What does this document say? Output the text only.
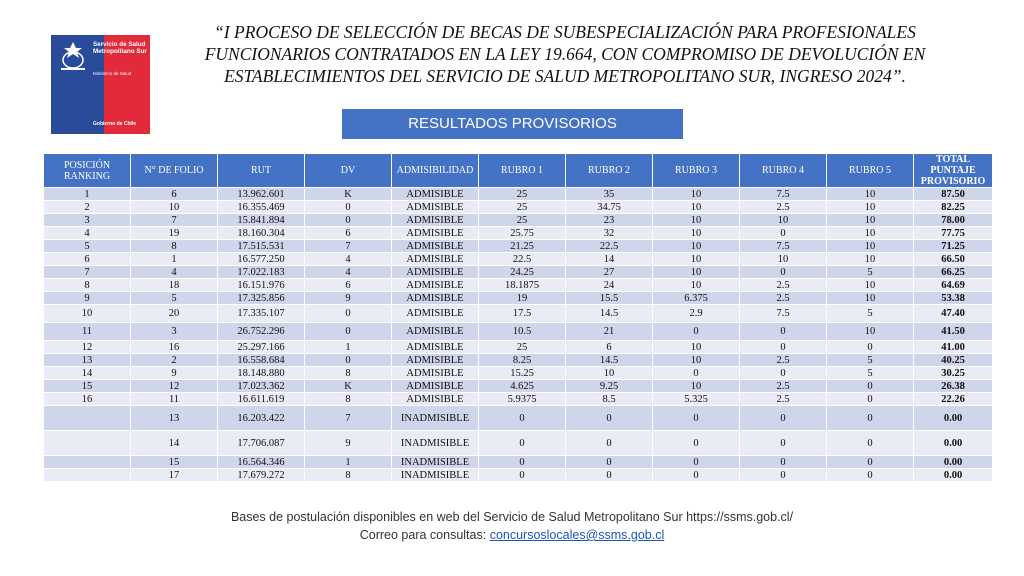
Servicio de Salud Metropolitano Sur
Ministerio de Salud
Gobierno de Chile
“I PROCESO DE SELECCIÓN DE BECAS DE SUBESPECIALIZACIÓN PARA PROFESIONALES FUNCIONARIOS CONTRATADOS EN LA LEY 19.664, CON COMPROMISO DE DEVOLUCIÓN EN ESTABLECIMIENTOS DEL SERVICIO DE SALUD METROPOLITANO SUR, INGRESO 2024”.
RESULTADOS PROVISORIOS
POSICIÓN RANKING	N° DE FOLIO	RUT	DV	ADMISIBILIDAD	RUBRO 1	RUBRO 2	RUBRO 3	RUBRO 4	RUBRO 5	TOTAL PUNTAJE PROVISORIO
1	6	13.962.601	K	ADMISIBLE	25	35	10	7.5	10	87.50
2	10	16.355.469	0	ADMISIBLE	25	34.75	10	2.5	10	82.25
3	7	15.841.894	0	ADMISIBLE	25	23	10	10	10	78.00
4	19	18.160.304	6	ADMISIBLE	25.75	32	10	0	10	77.75
5	8	17.515.531	7	ADMISIBLE	21.25	22.5	10	7.5	10	71.25
6	1	16.577.250	4	ADMISIBLE	22.5	14	10	10	10	66.50
7	4	17.022.183	4	ADMISIBLE	24.25	27	10	0	5	66.25
8	18	16.151.976	6	ADMISIBLE	18.1875	24	10	2.5	10	64.69
9	5	17.325.856	9	ADMISIBLE	19	15.5	6.375	2.5	10	53.38
10	20	17.335.107	0	ADMISIBLE	17.5	14.5	2.9	7.5	5	47.40
11	3	26.752.296	0	ADMISIBLE	10.5	21	0	0	10	41.50
12	16	25.297.166	1	ADMISIBLE	25	6	10	0	0	41.00
13	2	16.558.684	0	ADMISIBLE	8.25	14.5	10	2.5	5	40.25
14	9	18.148.880	8	ADMISIBLE	15.25	10	0	0	5	30.25
15	12	17.023.362	K	ADMISIBLE	4.625	9.25	10	2.5	0	26.38
16	11	16.611.619	8	ADMISIBLE	5.9375	8.5	5.325	2.5	0	22.26
	13	16.203.422	7	INADMISIBLE	0	0	0	0	0	0.00
	14	17.706.087	9	INADMISIBLE	0	0	0	0	0	0.00
	15	16.564.346	1	INADMISIBLE	0	0	0	0	0	0.00
	17	17.679.272	8	INADMISIBLE	0	0	0	0	0	0.00
Bases de postulación disponibles en web del Servicio de Salud Metropolitano Sur https://ssms.gob.cl/
Correo para consultas: concursoslocales@ssms.gob.cl
